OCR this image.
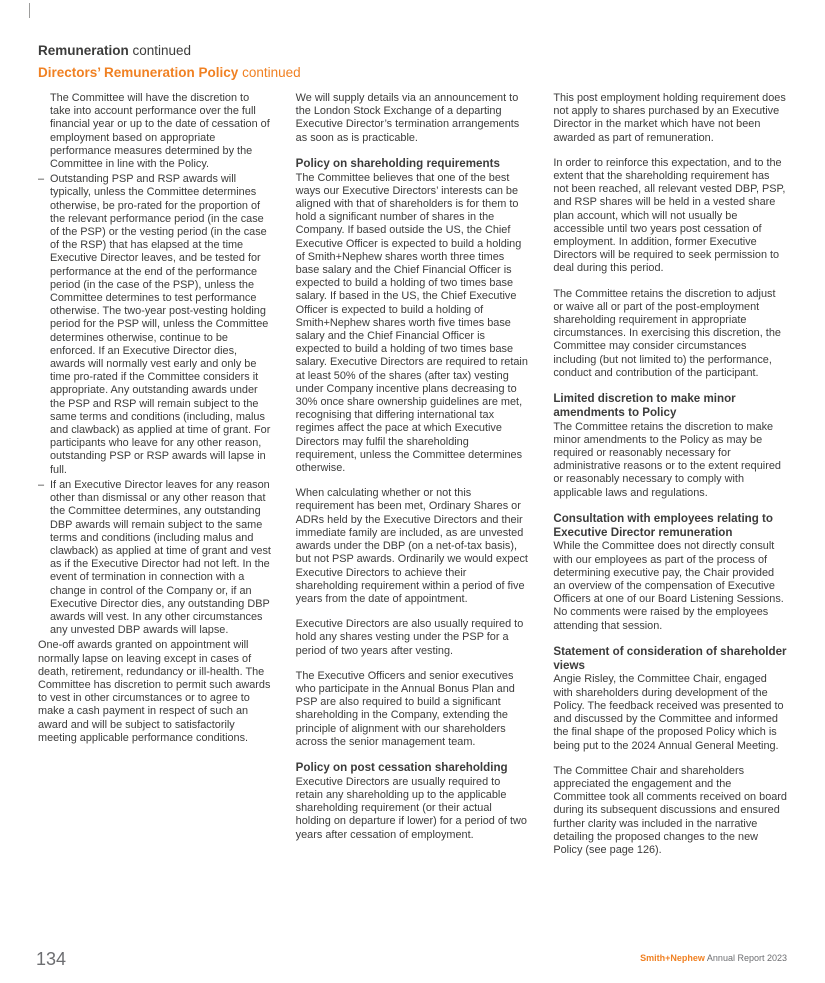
Remuneration continued
Directors’ Remuneration Policy continued

The Committee will have the discretion to take into account performance over the full financial year or up to the date of cessation of employment based on appropriate performance measures determined by the Committee in line with the Policy.

– Outstanding PSP and RSP awards will typically, unless the Committee determines otherwise, be pro-rated for the proportion of the relevant performance period (in the case of the PSP) or the vesting period (in the case of the RSP) that has elapsed at the time Executive Director leaves, and be tested for performance at the end of the performance period (in the case of the PSP), unless the Committee determines to test performance otherwise. The two-year post-vesting holding period for the PSP will, unless the Committee determines otherwise, continue to be enforced. If an Executive Director dies, awards will normally vest early and only be time pro-rated if the Committee considers it appropriate. Any outstanding awards under the PSP and RSP will remain subject to the same terms and conditions (including, malus and clawback) as applied at time of grant. For participants who leave for any other reason, outstanding PSP or RSP awards will lapse in full.

– If an Executive Director leaves for any reason other than dismissal or any other reason that the Committee determines, any outstanding DBP awards will remain subject to the same terms and conditions (including malus and clawback) as applied at time of grant and vest as if the Executive Director had not left. In the event of termination in connection with a change in control of the Company or, if an Executive Director dies, any outstanding DBP awards will vest. In any other circumstances any unvested DBP awards will lapse.

One-off awards granted on appointment will normally lapse on leaving except in cases of death, retirement, redundancy or ill-health. The Committee has discretion to permit such awards to vest in other circumstances or to agree to make a cash payment in respect of such an award and will be subject to satisfactorily meeting applicable performance conditions.

We will supply details via an announcement to the London Stock Exchange of a departing Executive Director’s termination arrangements as soon as is practicable.

Policy on shareholding requirements

The Committee believes that one of the best ways our Executive Directors’ interests can be aligned with that of shareholders is for them to hold a significant number of shares in the Company. If based outside the US, the Chief Executive Officer is expected to build a holding of Smith+Nephew shares worth three times base salary and the Chief Financial Officer is expected to build a holding of two times base salary. If based in the US, the Chief Executive Officer is expected to build a holding of Smith+Nephew shares worth five times base salary and the Chief Financial Officer is expected to build a holding of two times base salary. Executive Directors are required to retain at least 50% of the shares (after tax) vesting under Company incentive plans decreasing to 30% once share ownership guidelines are met, recognising that differing international tax regimes affect the pace at which Executive Directors may fulfil the shareholding requirement, unless the Committee determines otherwise.

When calculating whether or not this requirement has been met, Ordinary Shares or ADRs held by the Executive Directors and their immediate family are included, as are unvested awards under the DBP (on a net-of-tax basis), but not PSP awards. Ordinarily we would expect Executive Directors to achieve their shareholding requirement within a period of five years from the date of appointment.

Executive Directors are also usually required to hold any shares vesting under the PSP for a period of two years after vesting.

The Executive Officers and senior executives who participate in the Annual Bonus Plan and PSP are also required to build a significant shareholding in the Company, extending the principle of alignment with our shareholders across the senior management team.

Policy on post cessation shareholding

Executive Directors are usually required to retain any shareholding up to the applicable shareholding requirement (or their actual holding on departure if lower) for a period of two years after cessation of employment.

This post employment holding requirement does not apply to shares purchased by an Executive Director in the market which have not been awarded as part of remuneration.

In order to reinforce this expectation, and to the extent that the shareholding requirement has not been reached, all relevant vested DBP, PSP, and RSP shares will be held in a vested share plan account, which will not usually be accessible until two years post cessation of employment. In addition, former Executive Directors will be required to seek permission to deal during this period.

The Committee retains the discretion to adjust or waive all or part of the post-employment shareholding requirement in appropriate circumstances. In exercising this discretion, the Committee may consider circumstances including (but not limited to) the performance, conduct and contribution of the participant.

Limited discretion to make minor amendments to Policy

The Committee retains the discretion to make minor amendments to the Policy as may be required or reasonably necessary for administrative reasons or to the extent required or reasonably necessary to comply with applicable laws and regulations.

Consultation with employees relating to Executive Director remuneration

While the Committee does not directly consult with our employees as part of the process of determining executive pay, the Chair provided an overview of the compensation of Executive Officers at one of our Board Listening Sessions. No comments were raised by the employees attending that session.

Statement of consideration of shareholder views

Angie Risley, the Committee Chair, engaged with shareholders during development of the Policy. The feedback received was presented to and discussed by the Committee and informed the final shape of the proposed Policy which is being put to the 2024 Annual General Meeting.

The Committee Chair and shareholders appreciated the engagement and the Committee took all comments received on board during its subsequent discussions and ensured further clarity was included in the narrative detailing the proposed changes to the new Policy (see page 126).

134	Smith+Nephew Annual Report 2023
